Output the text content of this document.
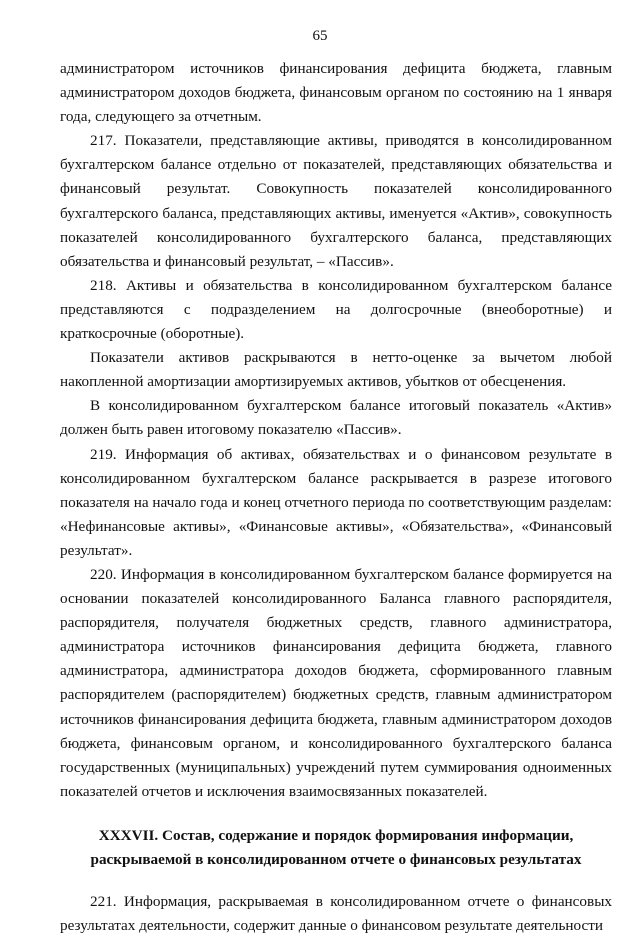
65

администратором источников финансирования дефицита бюджета, главным администратором доходов бюджета, финансовым органом по состоянию на 1 января года, следующего за отчетным.

217. Показатели, представляющие активы, приводятся в консолидированном бухгалтерском балансе отдельно от показателей, представляющих обязательства и финансовый результат. Совокупность показателей консолидированного бухгалтерского баланса, представляющих активы, именуется «Актив», совокупность показателей консолидированного бухгалтерского баланса, представляющих обязательства и финансовый результат, – «Пассив».

218. Активы и обязательства в консолидированном бухгалтерском балансе представляются с подразделением на долгосрочные (внеоборотные) и краткосрочные (оборотные).

Показатели активов раскрываются в нетто-оценке за вычетом любой накопленной амортизации амортизируемых активов, убытков от обесценения.

В консолидированном бухгалтерском балансе итоговый показатель «Актив» должен быть равен итоговому показателю «Пассив».

219. Информация об активах, обязательствах и о финансовом результате в консолидированном бухгалтерском балансе раскрывается в разрезе итогового показателя на начало года и конец отчетного периода по соответствующим разделам: «Нефинансовые активы», «Финансовые активы», «Обязательства», «Финансовый результат».

220. Информация в консолидированном бухгалтерском балансе формируется на основании показателей консолидированного Баланса главного распорядителя, распорядителя, получателя бюджетных средств, главного администратора, администратора источников финансирования дефицита бюджета, главного администратора, администратора доходов бюджета, сформированного главным распорядителем (распорядителем) бюджетных средств, главным администратором источников финансирования дефицита бюджета, главным администратором доходов бюджета, финансовым органом, и консолидированного бухгалтерского баланса государственных (муниципальных) учреждений путем суммирования одноименных показателей отчетов и исключения взаимосвязанных показателей.

XXXVII. Состав, содержание и порядок формирования информации,
раскрываемой в консолидированном отчете о финансовых результатах

221. Информация, раскрываемая в консолидированном отчете о финансовых результатах деятельности, содержит данные о финансовом результате деятельности
